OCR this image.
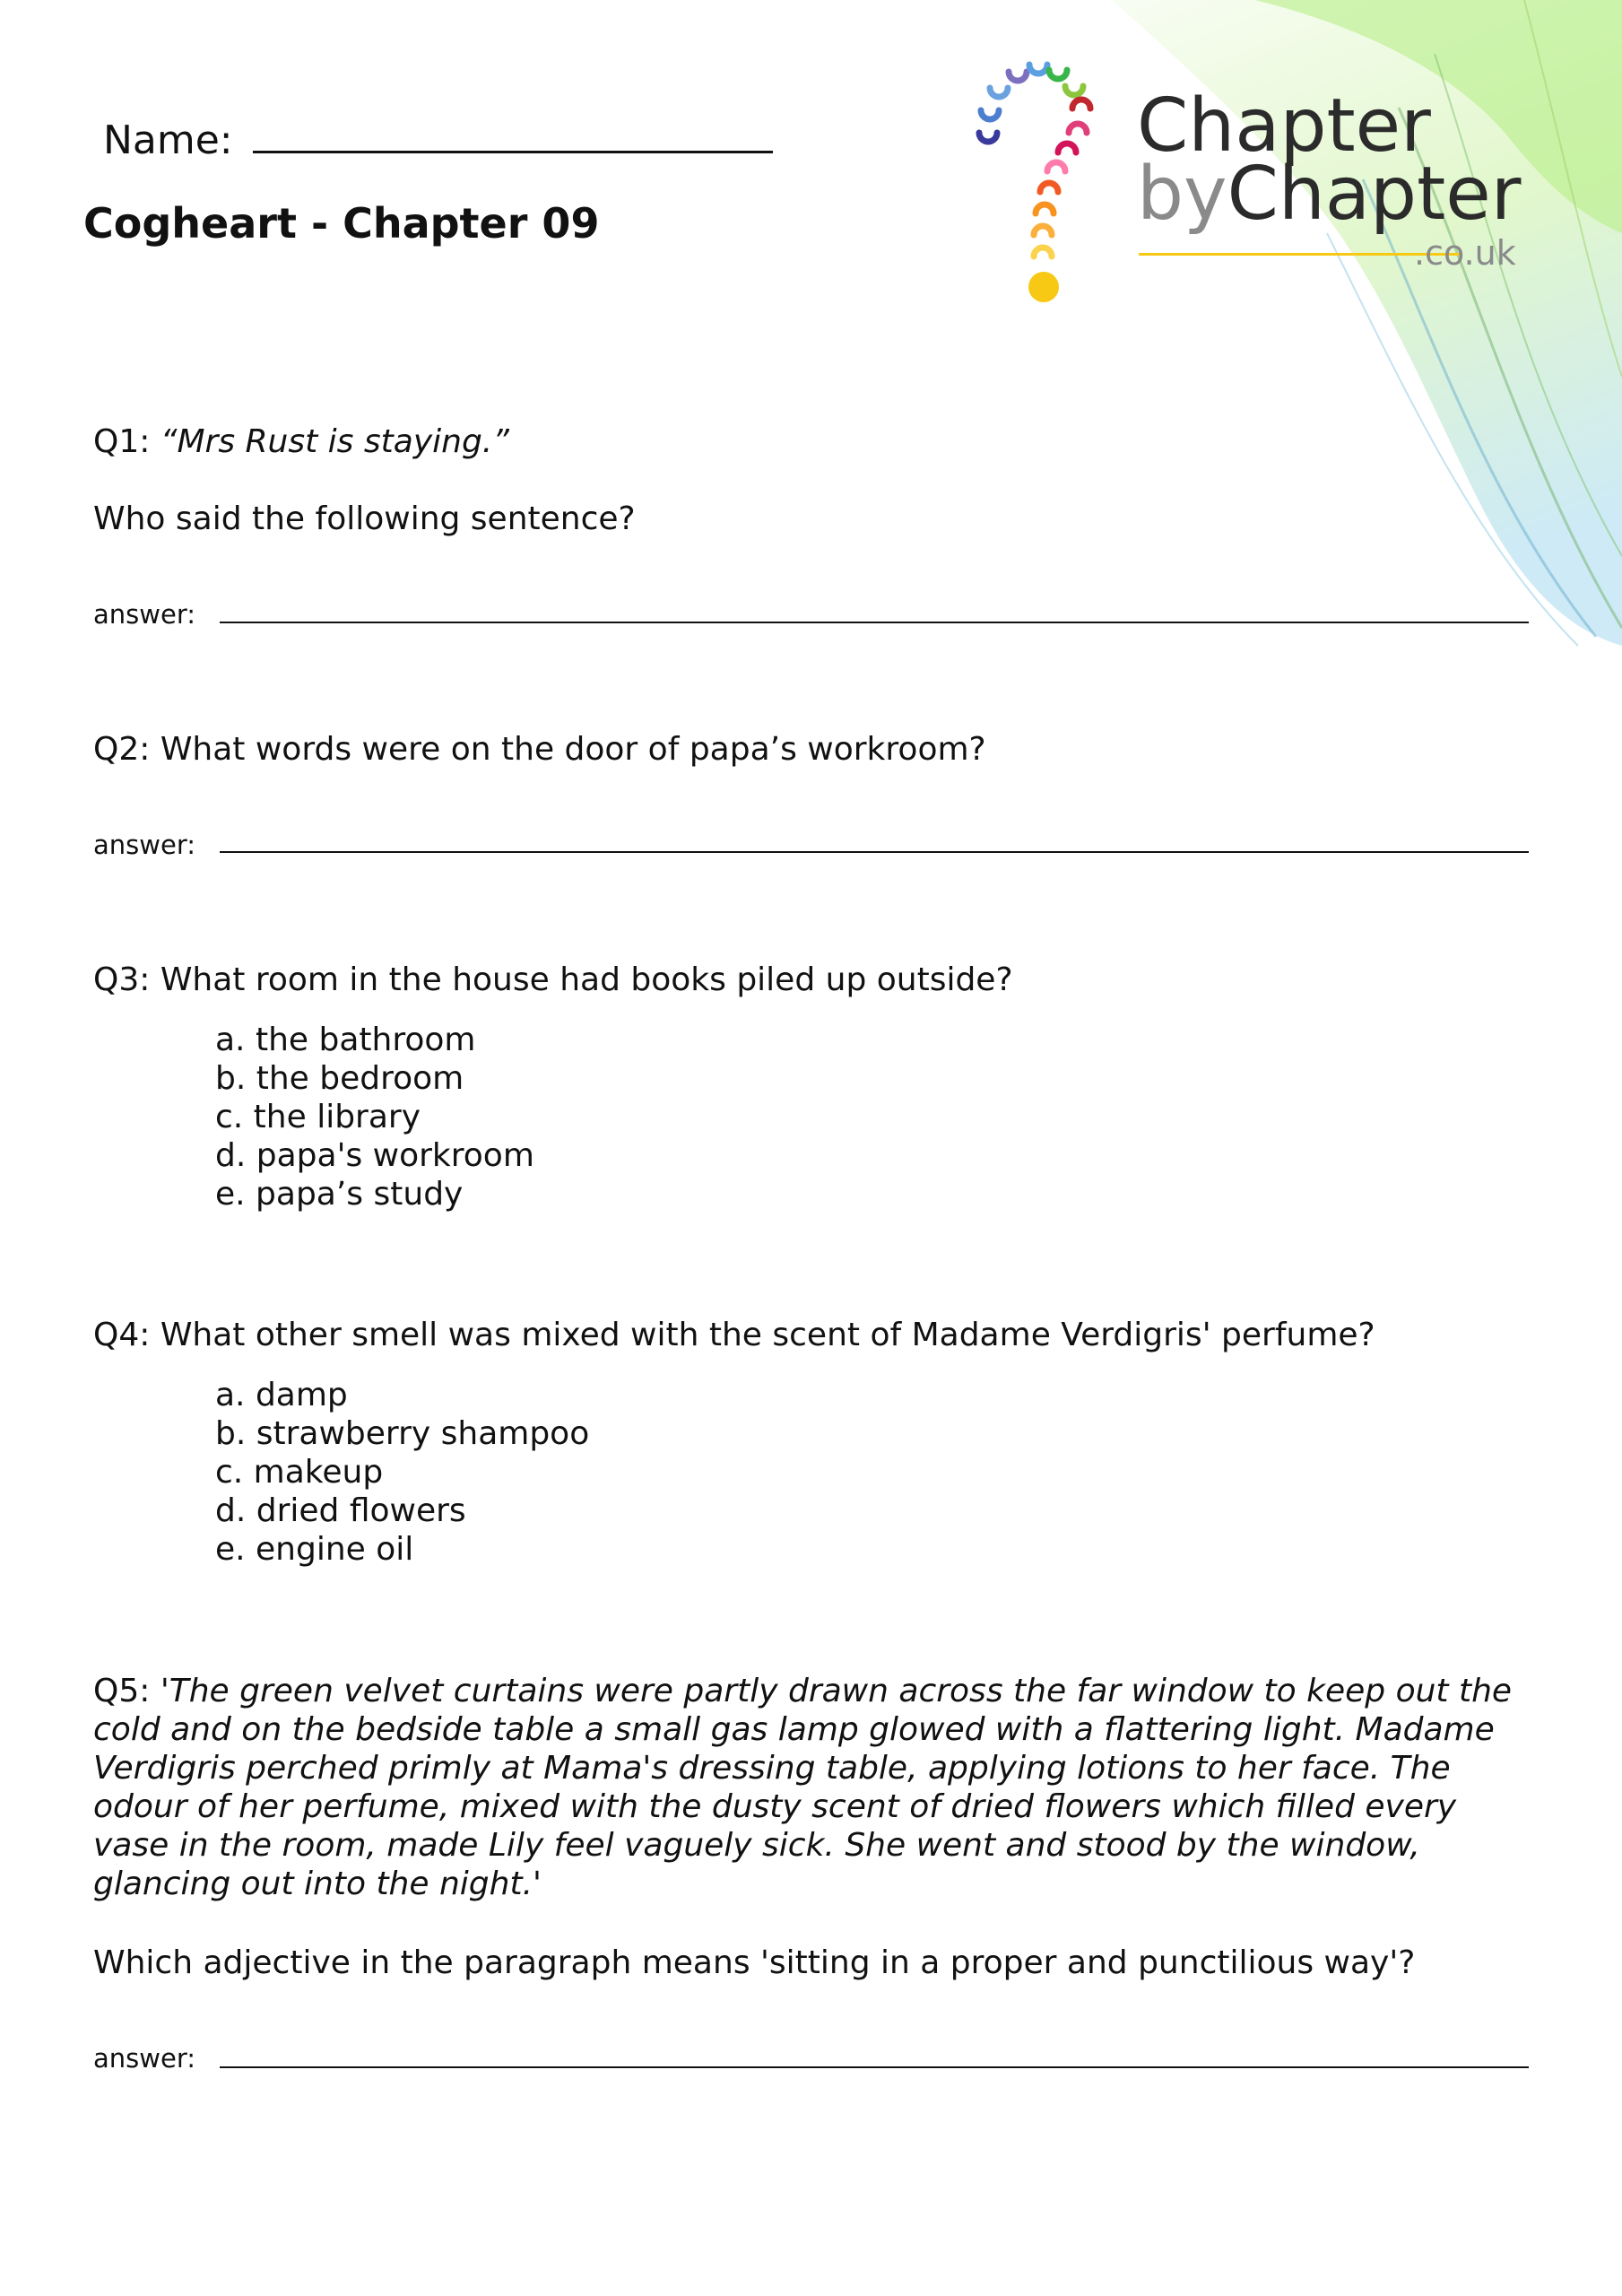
Name:
Cogheart - Chapter 09
Chapter
byChapter
.co.uk
Q1: “Mrs Rust is staying.”
Who said the following sentence?
answer:
Q2: What words were on the door of papa’s workroom?
answer:
Q3: What room in the house had books piled up outside?
a. the bathroom
b. the bedroom
c. the library
d. papa's workroom
e. papa’s study
Q4: What other smell was mixed with the scent of Madame Verdigris' perfume?
a. damp
b. strawberry shampoo
c. makeup
d. dried flowers
e. engine oil
Q5: 'The green velvet curtains were partly drawn across the far window to keep out the
cold and on the bedside table a small gas lamp glowed with a flattering light. Madame
Verdigris perched primly at Mama's dressing table, applying lotions to her face. The
odour of her perfume, mixed with the dusty scent of dried flowers which filled every
vase in the room, made Lily feel vaguely sick. She went and stood by the window,
glancing out into the night.'
Which adjective in the paragraph means 'sitting in a proper and punctilious way'?
answer:
